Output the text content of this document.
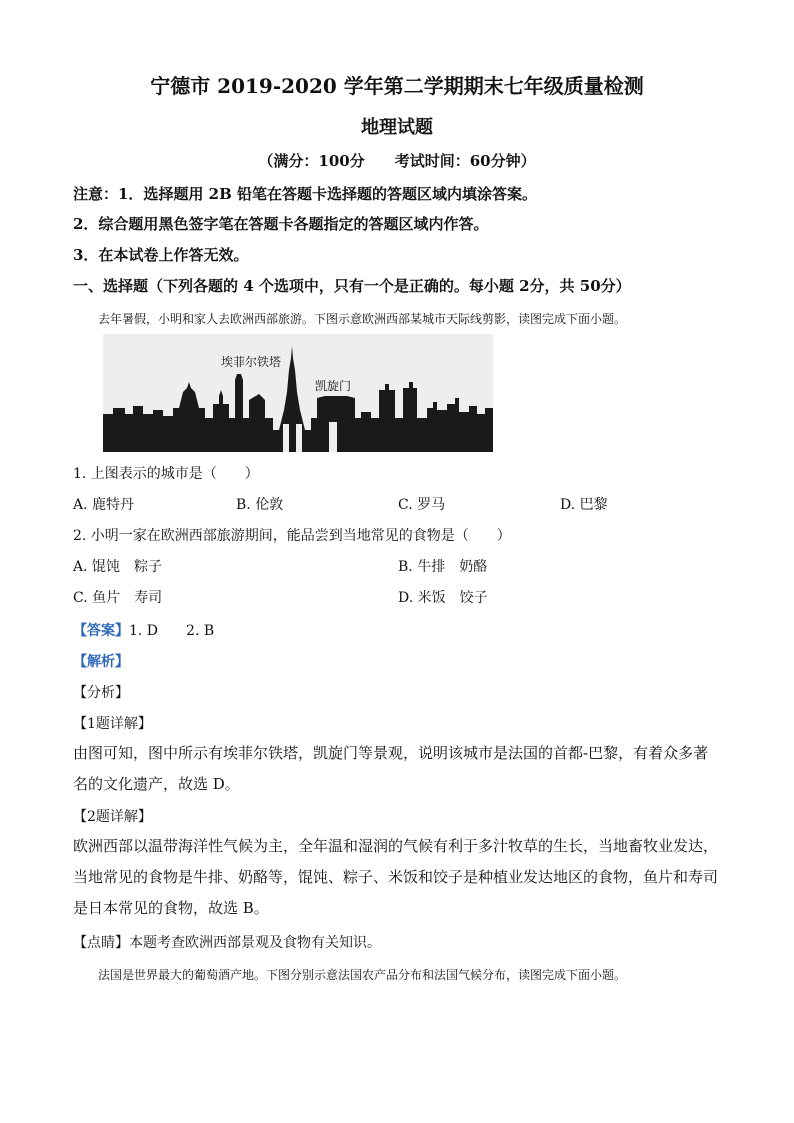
宁德市 2019-2020 学年第二学期期末七年级质量检测
地理试题
（满分：100分　　考试时间：60分钟）
注意：1．选择题用 2B 铅笔在答题卡选择题的答题区域内填涂答案。
2．综合题用黑色签字笔在答题卡各题指定的答题区域内作答。
3．在本试卷上作答无效。
一、选择题（下列各题的 4 个选项中，只有一个是正确的。每小题 2分，共 50分）
去年暑假，小明和家人去欧洲西部旅游。下图示意欧洲西部某城市天际线剪影，读图完成下面小题。
埃菲尔铁塔
凯旋门
1. 上图表示的城市是（　　）
A. 鹿特丹	B. 伦敦	C. 罗马	D. 巴黎
2. 小明一家在欧洲西部旅游期间，能品尝到当地常见的食物是（　　）
A. 馄饨　粽子	B. 牛排　奶酪
C. 鱼片　寿司	D. 米饭　饺子
【答案】1. D　　2. B
【解析】
【分析】
【1题详解】
由图可知，图中所示有埃菲尔铁塔，凯旋门等景观，说明该城市是法国的首都-巴黎，有着众多著名的文化遗产，故选 D。
【2题详解】
欧洲西部以温带海洋性气候为主，全年温和湿润的气候有利于多汁牧草的生长，当地畜牧业发达，当地常见的食物是牛排、奶酪等，馄饨、粽子、米饭和饺子是种植业发达地区的食物，鱼片和寿司是日本常见的食物，故选 B。
【点睛】本题考查欧洲西部景观及食物有关知识。
法国是世界最大的葡萄酒产地。下图分别示意法国农产品分布和法国气候分布，读图完成下面小题。
